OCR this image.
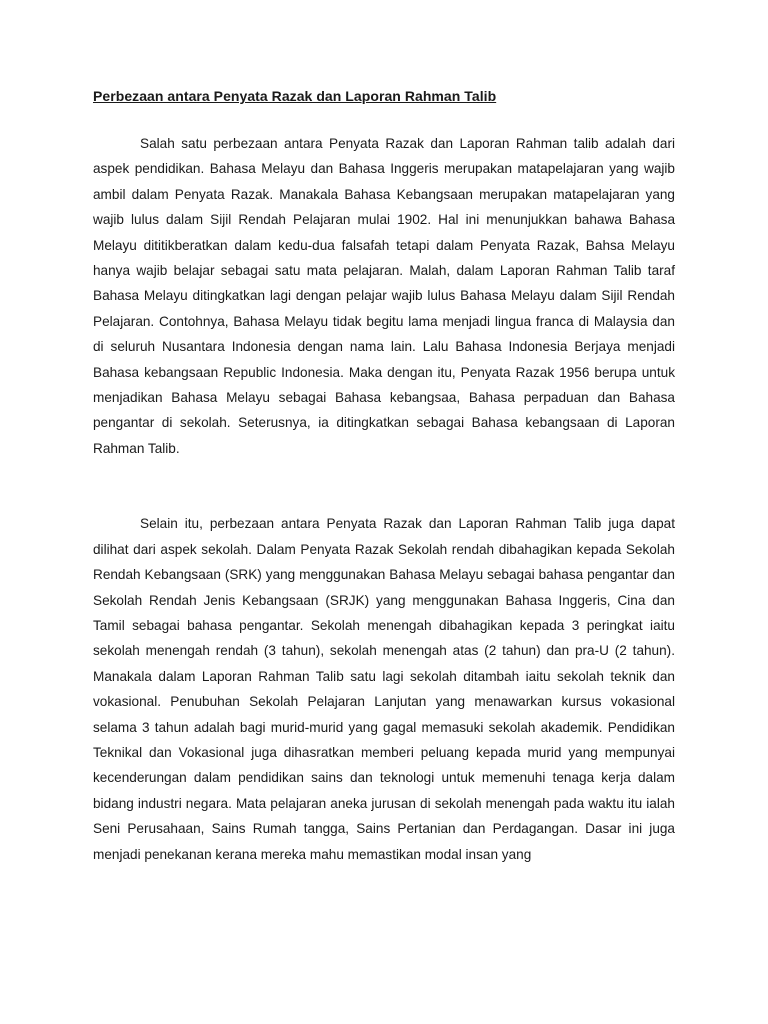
Perbezaan antara Penyata Razak dan Laporan Rahman Talib

Salah satu perbezaan antara Penyata Razak dan Laporan Rahman talib adalah dari aspek pendidikan. Bahasa Melayu dan Bahasa Inggeris merupakan matapelajaran yang wajib ambil dalam Penyata Razak. Manakala Bahasa Kebangsaan merupakan matapelajaran yang wajib lulus dalam Sijil Rendah Pelajaran mulai 1902. Hal ini menunjukkan bahawa Bahasa Melayu dititikberatkan dalam kedu-dua falsafah tetapi dalam Penyata Razak, Bahsa Melayu hanya wajib belajar sebagai satu mata pelajaran. Malah, dalam Laporan Rahman Talib taraf Bahasa Melayu ditingkatkan lagi dengan pelajar wajib lulus Bahasa Melayu dalam Sijil Rendah Pelajaran. Contohnya, Bahasa Melayu tidak begitu lama menjadi lingua franca di Malaysia dan di seluruh Nusantara Indonesia dengan nama lain. Lalu Bahasa Indonesia Berjaya menjadi Bahasa kebangsaan Republic Indonesia. Maka dengan itu, Penyata Razak 1956 berupa untuk menjadikan Bahasa Melayu sebagai Bahasa kebangsaa, Bahasa perpaduan dan Bahasa pengantar di sekolah. Seterusnya, ia ditingkatkan sebagai Bahasa kebangsaan di Laporan Rahman Talib.

Selain itu, perbezaan antara Penyata Razak dan Laporan Rahman Talib juga dapat dilihat dari aspek sekolah. Dalam Penyata Razak Sekolah rendah dibahagikan kepada Sekolah Rendah Kebangsaan (SRK) yang menggunakan Bahasa Melayu sebagai bahasa pengantar dan Sekolah Rendah Jenis Kebangsaan (SRJK) yang menggunakan Bahasa Inggeris, Cina dan Tamil sebagai bahasa pengantar. Sekolah menengah dibahagikan kepada 3 peringkat iaitu sekolah menengah rendah (3 tahun), sekolah menengah atas (2 tahun) dan pra-U (2 tahun). Manakala dalam Laporan Rahman Talib satu lagi sekolah ditambah iaitu sekolah teknik dan vokasional. Penubuhan Sekolah Pelajaran Lanjutan yang menawarkan kursus vokasional selama 3 tahun adalah bagi murid-murid yang gagal memasuki sekolah akademik. Pendidikan Teknikal dan Vokasional juga dihasratkan memberi peluang kepada murid yang mempunyai kecenderungan dalam pendidikan sains dan teknologi untuk memenuhi tenaga kerja dalam bidang industri negara. Mata pelajaran aneka jurusan di sekolah menengah pada waktu itu ialah Seni Perusahaan, Sains Rumah tangga, Sains Pertanian dan Perdagangan. Dasar ini juga menjadi penekanan kerana mereka mahu memastikan modal insan yang
